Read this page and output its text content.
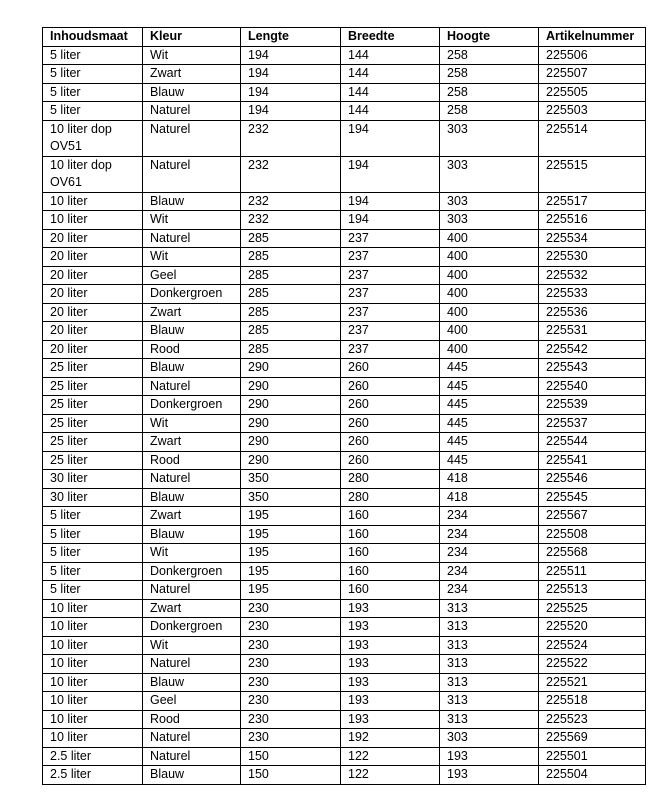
Inhoudsmaat	Kleur	Lengte	Breedte	Hoogte	Artikelnummer
5 liter	Wit	194	144	258	225506
5 liter	Zwart	194	144	258	225507
5 liter	Blauw	194	144	258	225505
5 liter	Naturel	194	144	258	225503
10 liter dop OV51	Naturel	232	194	303	225514
10 liter dop OV61	Naturel	232	194	303	225515
10 liter	Blauw	232	194	303	225517
10 liter	Wit	232	194	303	225516
20 liter	Naturel	285	237	400	225534
20 liter	Wit	285	237	400	225530
20 liter	Geel	285	237	400	225532
20 liter	Donkergroen	285	237	400	225533
20 liter	Zwart	285	237	400	225536
20 liter	Blauw	285	237	400	225531
20 liter	Rood	285	237	400	225542
25 liter	Blauw	290	260	445	225543
25 liter	Naturel	290	260	445	225540
25 liter	Donkergroen	290	260	445	225539
25 liter	Wit	290	260	445	225537
25 liter	Zwart	290	260	445	225544
25 liter	Rood	290	260	445	225541
30 liter	Naturel	350	280	418	225546
30 liter	Blauw	350	280	418	225545
5 liter	Zwart	195	160	234	225567
5 liter	Blauw	195	160	234	225508
5 liter	Wit	195	160	234	225568
5 liter	Donkergroen	195	160	234	225511
5 liter	Naturel	195	160	234	225513
10 liter	Zwart	230	193	313	225525
10 liter	Donkergroen	230	193	313	225520
10 liter	Wit	230	193	313	225524
10 liter	Naturel	230	193	313	225522
10 liter	Blauw	230	193	313	225521
10 liter	Geel	230	193	313	225518
10 liter	Rood	230	193	313	225523
10 liter	Naturel	230	192	303	225569
2.5 liter	Naturel	150	122	193	225501
2.5 liter	Blauw	150	122	193	225504
